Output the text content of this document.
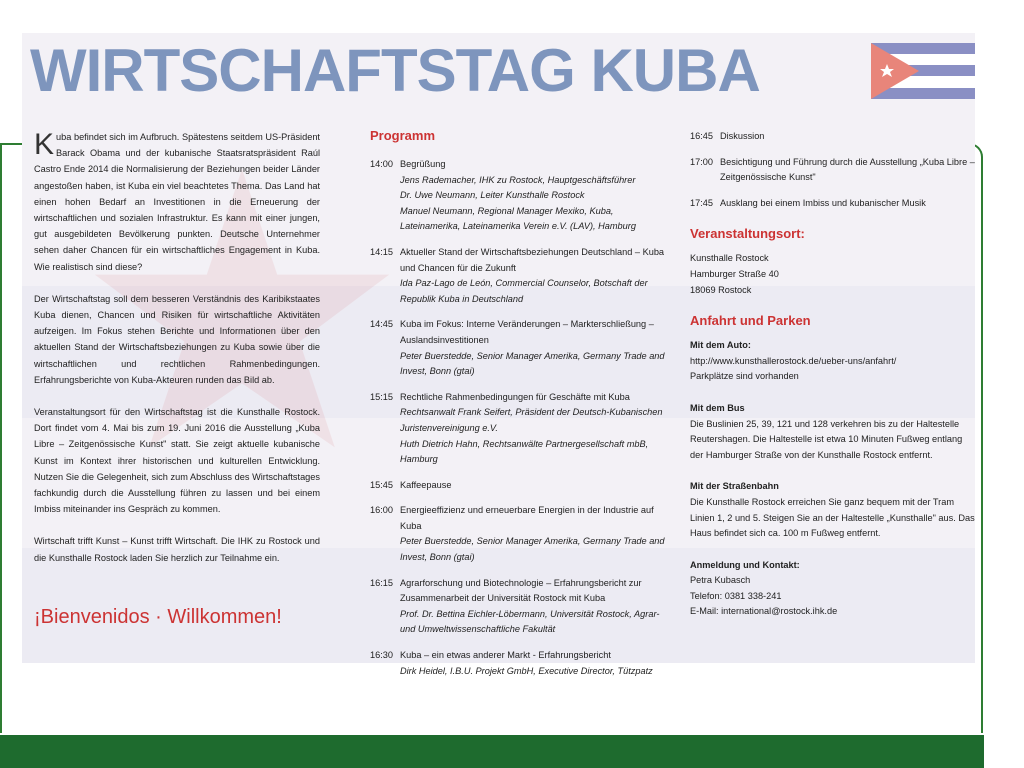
WIRTSCHAFTSTAG KUBA

Kuba befindet sich im Aufbruch. Spätestens seitdem US-Präsident Barack Obama und der kubanische Staatsratspräsident Raúl Castro Ende 2014 die Normalisierung der Beziehungen beider Länder angestoßen haben, ist Kuba ein viel beachtetes Thema. Das Land hat einen hohen Bedarf an Investitionen in die Erneuerung der wirtschaftlichen und sozialen Infrastruktur. Es kann mit einer jungen, gut ausgebildeten Bevölkerung punkten. Deutsche Unternehmer sehen daher Chancen für ein wirtschaftliches Engagement in Kuba. Wie realistisch sind diese?

Der Wirtschaftstag soll dem besseren Verständnis des Karibikstaates Kuba dienen, Chancen und Risiken für wirtschaftliche Aktivitäten aufzeigen. Im Fokus stehen Berichte und Informationen über den aktuellen Stand der Wirtschaftsbeziehungen zu Kuba sowie über die wirtschaftlichen und rechtlichen Rahmenbedingungen. Erfahrungsberichte von Kuba-Akteuren runden das Bild ab.

Veranstaltungsort für den Wirtschaftstag ist die Kunsthalle Rostock. Dort findet vom 4. Mai bis zum 19. Juni 2016 die Ausstellung „Kuba Libre – Zeitgenössische Kunst" statt. Sie zeigt aktuelle kubanische Kunst im Kontext ihrer historischen und kulturellen Entwicklung. Nutzen Sie die Gelegenheit, sich zum Abschluss des Wirtschaftstages fachkundig durch die Ausstellung führen zu lassen und bei einem Imbiss miteinander ins Gespräch zu kommen.

Wirtschaft trifft Kunst – Kunst trifft Wirtschaft. Die IHK zu Rostock und die Kunsthalle Rostock laden Sie herzlich zur Teilnahme ein.

¡Bienvenidos · Willkommen!
Programm
14:00 Begrüßung
Jens Rademacher, IHK zu Rostock, Hauptgeschäftsführer
Dr. Uwe Neumann, Leiter Kunsthalle Rostock
Manuel Neumann, Regional Manager Mexiko, Kuba, Lateinamerika, Lateinamerika Verein e.V. (LAV), Hamburg
14:15 Aktueller Stand der Wirtschaftsbeziehungen Deutschland – Kuba und Chancen für die Zukunft
Ida Paz-Lago de León, Commercial Counselor, Botschaft der Republik Kuba in Deutschland
14:45 Kuba im Fokus: Interne Veränderungen – Markterschließung – Auslandsinvestitionen
Peter Buerstedde, Senior Manager Amerika, Germany Trade and Invest, Bonn (gtai)
15:15 Rechtliche Rahmenbedingungen für Geschäfte mit Kuba
Rechtsanwalt Frank Seifert, Präsident der Deutsch-Kubanischen Juristenvereinigung e.V.
Huth Dietrich Hahn, Rechtsanwälte Partnergesellschaft mbB, Hamburg
15:45 Kaffeepause
16:00 Energieeffizienz und erneuerbare Energien in der Industrie auf Kuba
Peter Buerstedde, Senior Manager Amerika, Germany Trade and Invest, Bonn (gtai)
16:15 Agrarforschung und Biotechnologie – Erfahrungsbericht zur Zusammenarbeit der Universität Rostock mit Kuba
Prof. Dr. Bettina Eichler-Löbermann, Universität Rostock, Agrar- und Umweltwissenschaftliche Fakultät
16:30 Kuba – ein etwas anderer Markt - Erfahrungsbericht
Dirk Heidel, I.B.U. Projekt GmbH, Executive Director, Tützpatz
16:45 Diskussion
17:00 Besichtigung und Führung durch die Ausstellung „Kuba Libre – Zeitgenössische Kunst"
17:45 Ausklang bei einem Imbiss und kubanischer Musik
Veranstaltungsort:
Kunsthalle Rostock
Hamburger Straße 40
18069 Rostock
Anfahrt und Parken
Mit dem Auto:
http://www.kunsthallerostock.de/ueber-uns/anfahrt/
Parkplätze sind vorhanden
Mit dem Bus
Die Buslinien 25, 39, 121 und 128 verkehren bis zu der Haltestelle Reutershagen. Die Haltestelle ist etwa 10 Minuten Fußweg entlang der Hamburger Straße von der Kunsthalle Rostock entfernt.
Mit der Straßenbahn
Die Kunsthalle Rostock erreichen Sie ganz bequem mit der Tram Linien 1, 2 und 5. Steigen Sie an der Haltestelle „Kunsthalle" aus. Das Haus befindet sich ca. 100 m Fußweg entfernt.
Anmeldung und Kontakt:
Petra Kubasch
Telefon: 0381 338-241
E-Mail: international@rostock.ihk.de
